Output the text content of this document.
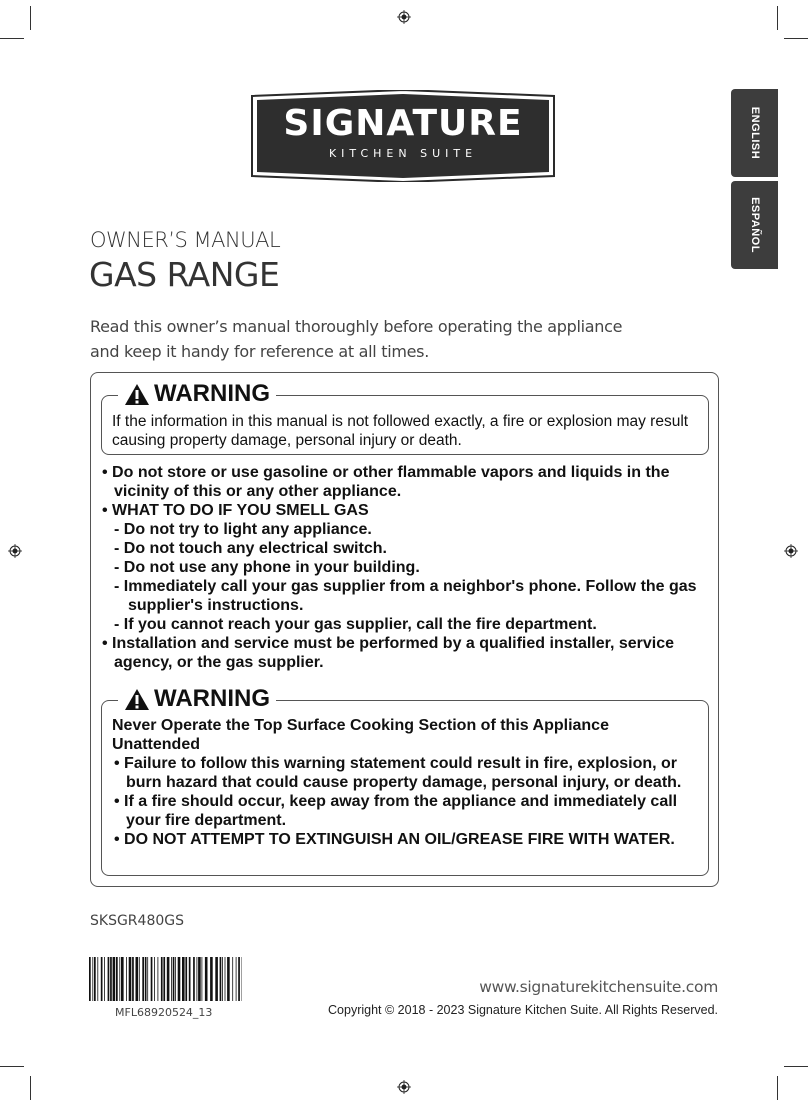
SIGNATURE
KITCHEN SUITE	ENGLISH
ESPAÑOL
OWNER’S MANUAL
GAS RANGE
Read this owner’s manual thoroughly before operating the appliance
and keep it handy for reference at all times.
WARNING
If the information in this manual is not followed exactly, a fire or explosion may result causing property damage, personal injury or death.
• Do not store or use gasoline or other flammable vapors and liquids in the vicinity of this or any other appliance.
• WHAT TO DO IF YOU SMELL GAS
- Do not try to light any appliance.
- Do not touch any electrical switch.
- Do not use any phone in your building.
- Immediately call your gas supplier from a neighbor's phone. Follow the gas supplier's instructions.
- If you cannot reach your gas supplier, call the fire department.
• Installation and service must be performed by a qualified installer, service agency, or the gas supplier.
WARNING
Never Operate the Top Surface Cooking Section of this Appliance Unattended
• Failure to follow this warning statement could result in fire, explosion, or burn hazard that could cause property damage, personal injury, or death.
• If a fire should occur, keep away from the appliance and immediately call your fire department.
• DO NOT ATTEMPT TO EXTINGUISH AN OIL/GREASE FIRE WITH WATER.
SKSGR480GS
MFL68920524_13
www.signaturekitchensuite.com
Copyright © 2018 - 2023 Signature Kitchen Suite. All Rights Reserved.
